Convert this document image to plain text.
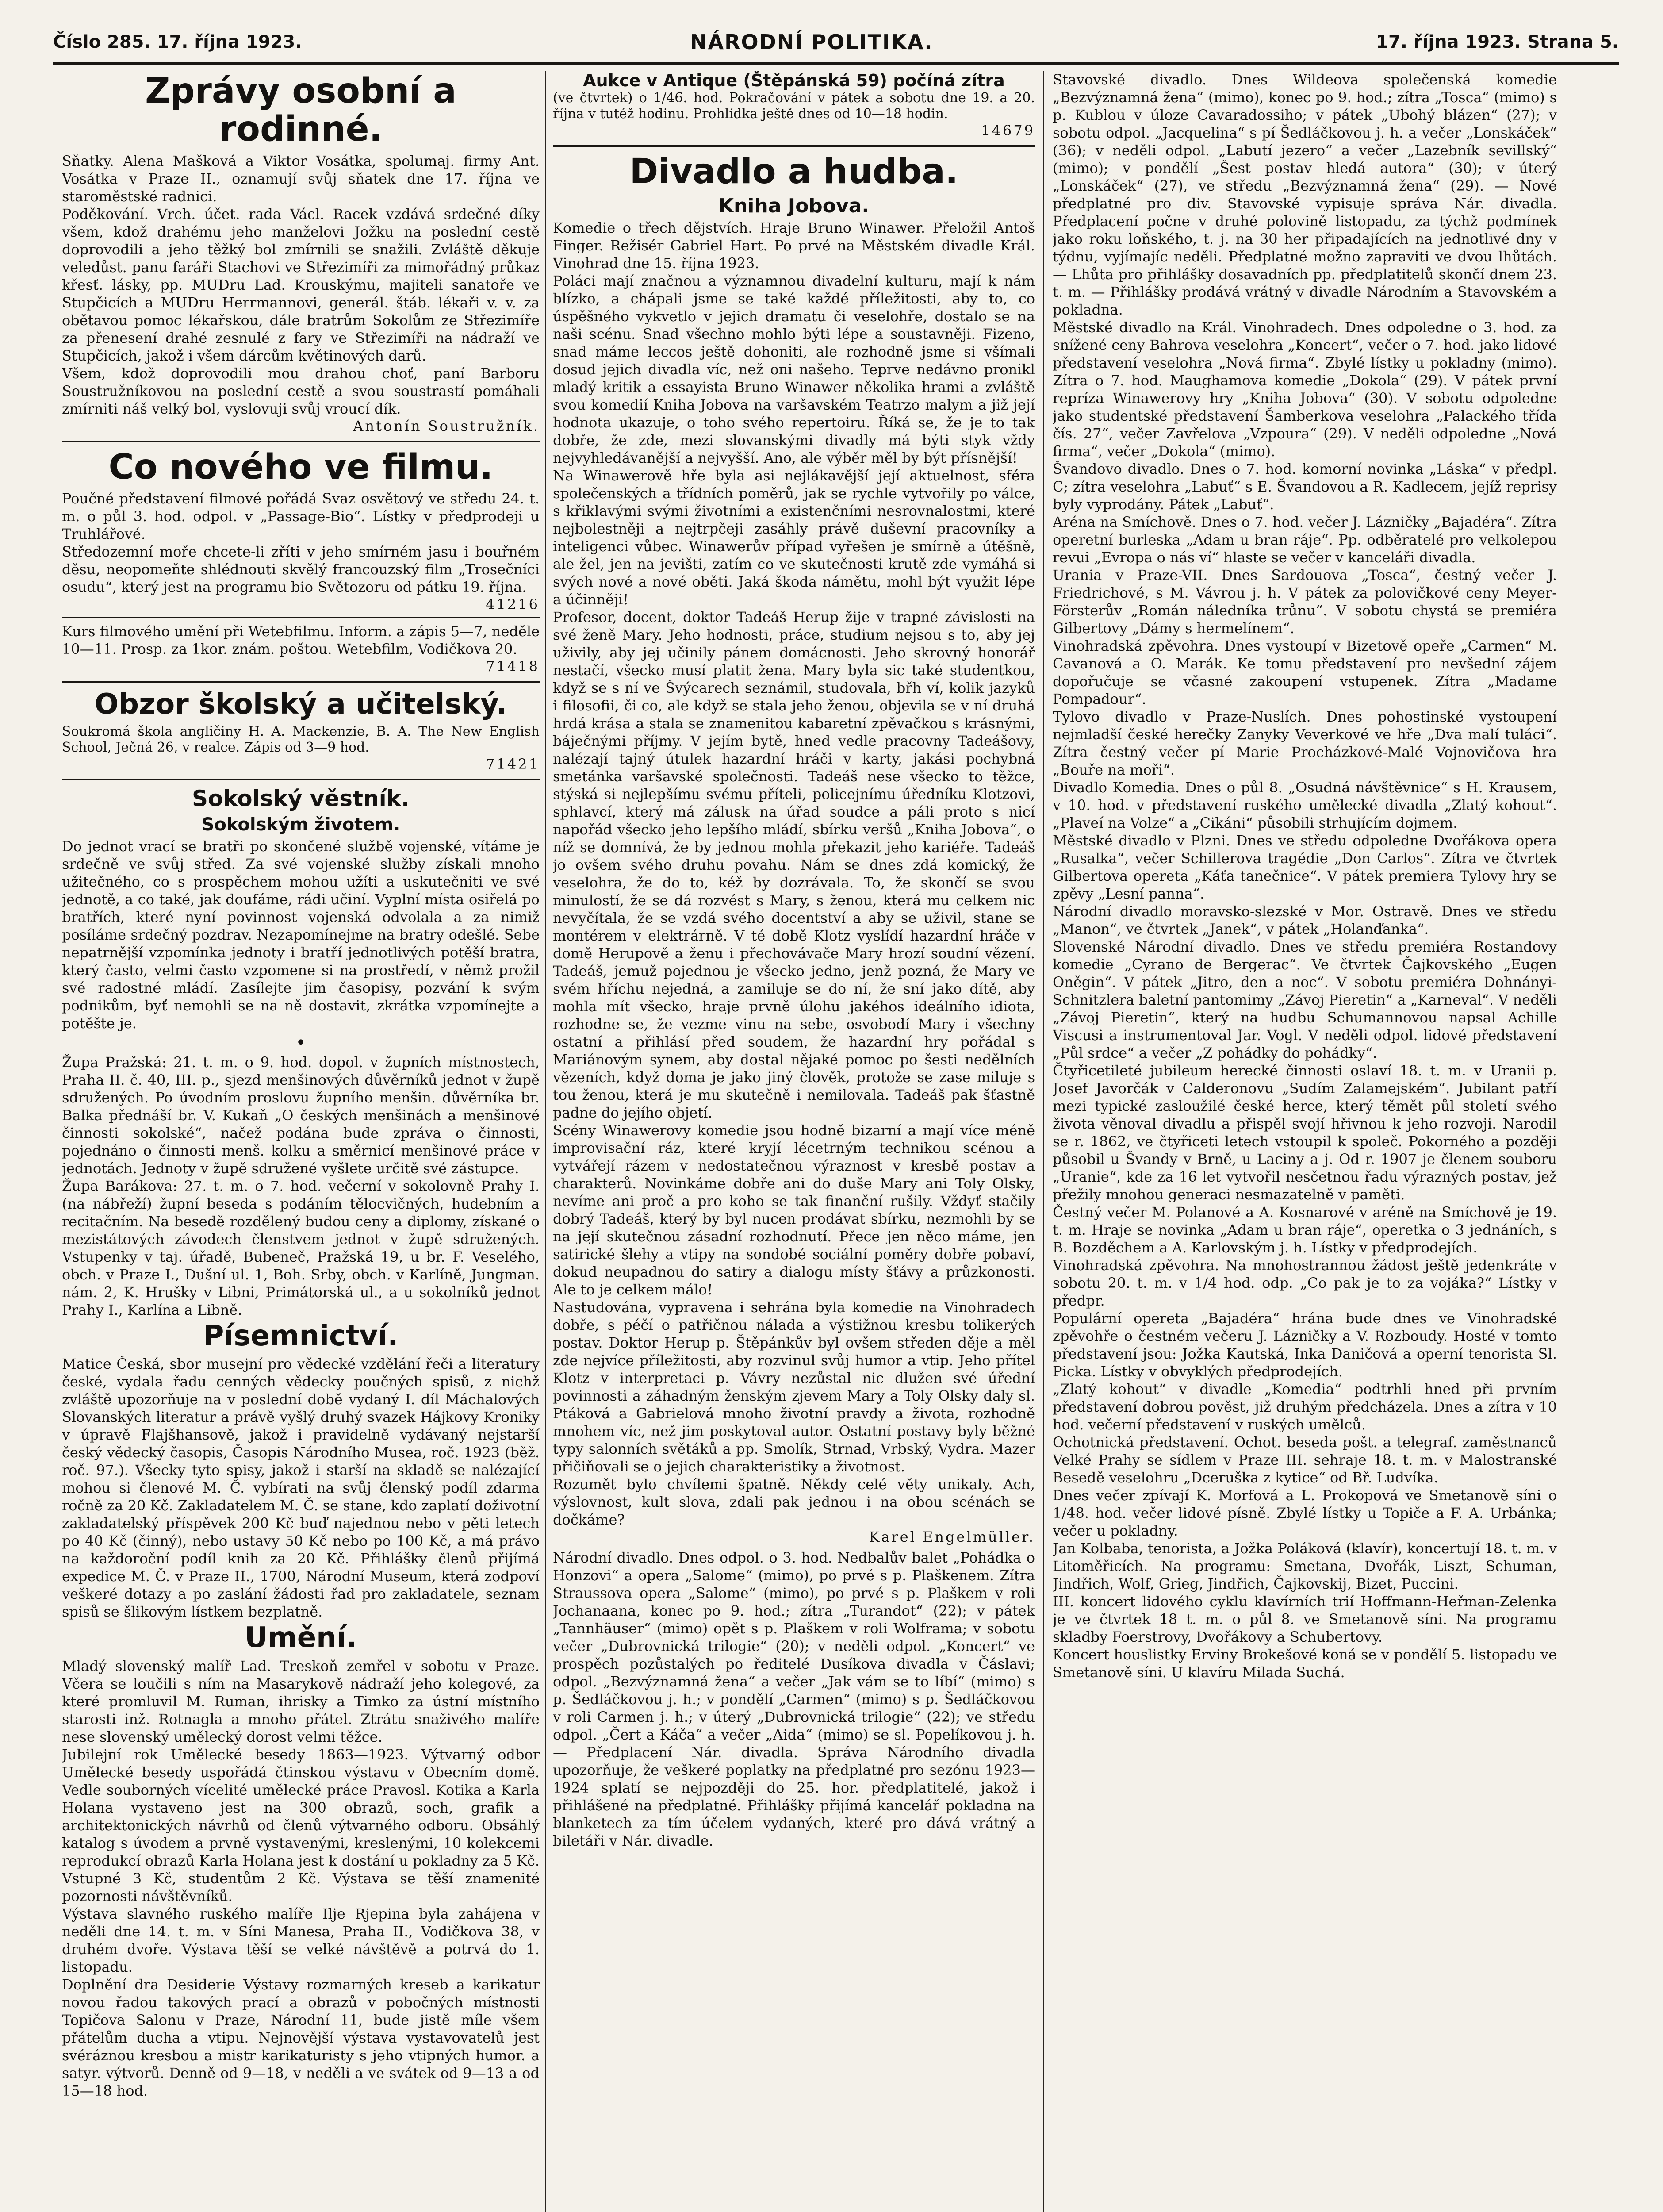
Číslo 285. 17. října 1923.	NÁRODNÍ POLITIKA.	17. října 1923. Strana 5.
Zprávy osobní a rodinné.

Sňatky. Alena Mašková a Viktor Vosátka, spolumaj. firmy Ant. Vosátka v Praze II., oznamují svůj sňatek dne 17. října ve staroměstské radnici.

Poděkování. Vrch. účet. rada Václ. Racek vzdává srdečné díky všem, kdož drahému jeho manželovi Jožku na poslední cestě doprovodili a jeho těžký bol zmírnili se snažili. Zvláště děkuje veledůst. panu faráři Stachovi ve Střezimíři za mimořádný průkaz křesť. lásky, pp. MUDru Lad. Krouskýmu, majiteli sanatoře ve Stupčicích a MUDru Herrmannovi, generál. štáb. lékaři v. v. za obětavou pomoc lékařskou, dále bratrům Sokolům ze Střezimíře za přenesení drahé zesnulé z fary ve Střezimíři na nádraží ve Stupčicích, jakož i všem dárcům květinových darů.

Všem, kdož doprovodili mou drahou choť, paní Barboru Soustružníkovou na poslední cestě a svou soustrastí pomáhali zmírniti náš velký bol, vyslovuji svůj vroucí dík.

Antonín Soustružník.

Co nového ve filmu.

Poučné představení filmové pořádá Svaz osvětový ve středu 24. t. m. o půl 3. hod. odpol. v „Passage-Bio“. Lístky v předprodeji u Truhlářové.

Středozemní moře chcete-li zříti v jeho smírném jasu i bouřném děsu, neopomeňte shlédnouti skvělý francouzský film „Trosečníci osudu“, který jest na programu bio Světozoru od pátku 19. října.

41216

Kurs filmového umění při Wetebfilmu. Inform. a zápis 5—7, neděle 10—11. Prosp. za 1kor. znám. poštou. Wetebfilm, Vodičkova 20.

71418

Obzor školský a učitelský.

Soukromá škola angličiny H. A. Mackenzie, B. A. The New English School, Ječná 26, v realce. Zápis od 3—9 hod.

71421

Sokolský věstník.
Sokolským životem.

Do jednot vrací se bratři po skončené službě vojenské, vítáme je srdečně ve svůj střed. Za své vojenské služby získali mnoho užitečného, co s prospěchem mohou užíti a uskutečniti ve své jednotě, a co také, jak doufáme, rádi učiní. Vyplní místa osiřelá po bratřích, které nyní povinnost vojenská odvolala a za nimiž posíláme srdečný pozdrav. Nezapomínejme na bratry odešlé. Sebe nepatrnější vzpomínka jednoty i bratří jednotlivých potěší bratra, který často, velmi často vzpomene si na prostředí, v němž prožil své radostné mládí. Zasílejte jim časopisy, pozvání k svým podnikům, byť nemohli se na ně dostavit, zkrátka vzpomínejte a potěšte je.

•

Župa Pražská: 21. t. m. o 9. hod. dopol. v župních místnostech, Praha II. č. 40, III. p., sjezd menšinových důvěrníků jednot v župě sdružených. Po úvodním proslovu župního menšin. důvěrníka br. Balka přednáší br. V. Kukaň „O českých menšinách a menšinové činnosti sokolské“, načež podána bude zpráva o činnosti, pojednáno o činnosti menš. kolku a směrnicí menšinové práce v jednotách. Jednoty v župě sdružené vyšlete určitě své zástupce.

Župa Barákova: 27. t. m. o 7. hod. večerní v sokolovně Prahy I. (na nábřeží) župní beseda s podáním tělocvičných, hudebním a recitačním. Na besedě rozdělený budou ceny a diplomy, získané o mezistátových závodech členstvem jednot v župě sdružených. Vstupenky v taj. úřadě, Bubeneč, Pražská 19, u br. F. Veselého, obch. v Praze I., Dušní ul. 1, Boh. Srby, obch. v Karlíně, Jungman. nám. 2, K. Hrušky v Libni, Primátorská ul., a u sokolníků jednot Prahy I., Karlína a Libně.

Písemnictví.

Matice Česká, sbor musejní pro vědecké vzdělání řeči a literatury české, vydala řadu cenných vědecky poučných spisů, z nichž zvláště upozorňuje na v poslední době vydaný I. díl Máchalových Slovanských literatur a právě vyšlý druhý svazek Hájkovy Kroniky v úpravě Flajšhansově, jakož i pravidelně vydávaný nejstarší český vědecký časopis, Časopis Národního Musea, roč. 1923 (běž. roč. 97.). Všecky tyto spisy, jakož i starší na skladě se nalézající mohou si členové M. Č. vybírati na svůj členský podíl zdarma ročně za 20 Kč. Zakladatelem M. Č. se stane, kdo zaplatí doživotní zakladatelský příspěvek 200 Kč buď najednou nebo v pěti letech po 40 Kč (činný), nebo ustavy 50 Kč nebo po 100 Kč, a má právo na každoroční podíl knih za 20 Kč. Přihlášky členů přijímá expedice M. Č. v Praze II., 1700, Národní Museum, která zodpoví veškeré dotazy a po zaslání žádosti řad pro zakladatele, seznam spisů se šlikovým lístkem bezplatně.

Umění.

Mladý slovenský malíř Lad. Treskoň zemřel v sobotu v Praze. Včera se loučili s ním na Masarykově nádraží jeho kolegové, za které promluvil M. Ruman, ihrisky a Timko za ústní místního starosti inž. Rotnagla a mnoho přátel. Ztrátu snaživého malíře nese slovenský umělecký dorost velmi těžce.

Jubilejní rok Umělecké besedy 1863—1923. Výtvarný odbor Umělecké besedy uspořádá čtinskou výstavu v Obecním domě. Vedle souborných vícelité umělecké práce Pravosl. Kotika a Karla Holana vystaveno jest na 300 obrazů, soch, grafik a architektonických návrhů od členů výtvarného odboru. Obsáhlý katalog s úvodem a prvně vystavenými, kreslenými, 10 kolekcemi reprodukcí obrazů Karla Holana jest k dostání u pokladny za 5 Kč. Vstupné 3 Kč, studentům 2 Kč. Výstava se těší znamenité pozornosti návštěvníků.

Výstava slavného ruského malíře Ilje Rjepina byla zahájena v neděli dne 14. t. m. v Síni Manesa, Praha II., Vodičkova 38, v druhém dvoře. Výstava těší se velké návštěvě a potrvá do 1. listopadu.

Doplnění dra Desiderie Výstavy rozmarných kreseb a karikatur novou řadou takových prací a obrazů v pobočných místnosti Topičova Salonu v Praze, Národní 11, bude jistě míle všem přátelům ducha a vtipu. Nejnovější výstava vystavovatelů jest svéráznou kresbou a mistr karikaturisty s jeho vtipných humor. a satyr. výtvorů. Denně od 9—18, v neděli a ve svátek od 9—13 a od 15—18 hod.

Aukce v Antique (Štěpánská 59) počíná zítra

(ve čtvrtek) o 1/46. hod. Pokračování v pátek a sobotu dne 19. a 20. října v tutéž hodinu. Prohlídka ještě dnes od 10—18 hodin.

14679

Divadlo a hudba.
Kniha Jobova.

Komedie o třech dějstvích. Hraje Bruno Winawer. Přeložil Antoš Finger. Režisér Gabriel Hart. Po prvé na Městském divadle Král. Vinohrad dne 15. října 1923.

Poláci mají značnou a významnou divadelní kulturu, mají k nám blízko, a chápali jsme se také každé příležitosti, aby to, co úspěšného vykvetlo v jejich dramatu či veselohře, dostalo se na naši scénu. Snad všechno mohlo býti lépe a soustavněji. Fizeno, snad máme leccos ještě dohoniti, ale rozhodně jsme si všímali dosud jejich divadla víc, než oni našeho. Teprve nedávno pronikl mladý kritik a essayista Bruno Winawer několika hrami a zvláště svou komedií Kniha Jobova na varšavském Teatrzo malym a již její hodnota ukazuje, o toho svého repertoiru. Říká se, že je to tak dobře, že zde, mezi slovanskými divadly má býti styk vždy nejvyhledávanější a nejvyšší. Ano, ale výběr měl by být přísnější!

Na Winawerově hře byla asi nejlákavější její aktuelnost, sféra společenských a třídních poměrů, jak se rychle vytvořily po válce, s křiklavými svými životními a existenčními nesrovnalostmi, které nejbolestněji a nejtrpčeji zasáhly právě duševní pracovníky a inteligenci vůbec. Winawerův případ vyřešen je smírně a útěšně, ale žel, jen na jevišti, zatím co ve skutečnosti krutě zde vymáhá si svých nové a nové oběti. Jaká škoda námětu, mohl být využit lépe a účinněji!

Profesor, docent, doktor Tadeáš Herup žije v trapné závislosti na své ženě Mary. Jeho hodnosti, práce, studium nejsou s to, aby jej uživily, aby jej učinily pánem domácnosti. Jeho skrovný honorář nestačí, všecko musí platit žena. Mary byla sic také studentkou, když se s ní ve Švýcarech seznámil, studovala, břh ví, kolik jazyků i filosofii, či co, ale když se stala jeho ženou, objevila se v ní druhá hrdá krása a stala se znamenitou kabaretní zpěvačkou s krásnými, báječnými příjmy. V jejím bytě, hned vedle pracovny Tadeášovy, nalézají tajný útulek hazardní hráči v karty, jakási pochybná smetánka varšavské společnosti. Tadeáš nese všecko to těžce, stýská si nejlepšímu svému příteli, policejnímu úředníku Klotzovi, sphlavcí, který má zálusk na úřad soudce a páli proto s nicí napořád všecko jeho lepšího mládí, sbírku veršů „Kniha Jobova“, o níž se domnívá, že by jednou mohla překazit jeho kariéře. Tadeáš jo ovšem svého druhu povahu. Nám se dnes zdá komický, že veselohra, že do to, kéž by dozrávala. To, že skončí se svou minulostí, že se dá rozvést s Mary, s ženou, která mu celkem nic nevyčítala, že se vzdá svého docentství a aby se uživil, stane se montérem v elektrárně. V té době Klotz vyslídí hazardní hráče v domě Herupově a ženu i přechovávače Mary hrozí soudní vězení. Tadeáš, jemuž pojednou je všecko jedno, jenž pozná, že Mary ve svém hříchu nejedná, a zamiluje se do ní, že sní jako dítě, aby mohla mít všecko, hraje prvně úlohu jakéhos ideálního idiota, rozhodne se, že vezme vinu na sebe, osvobodí Mary i všechny ostatní a přihlásí před soudem, že hazardní hry pořádal s Mariánovým synem, aby dostal nějaké pomoc po šesti nedělních vězeních, když doma je jako jiný člověk, protože se zase miluje s tou ženou, která je mu skutečně i nemilovala. Tadeáš pak šťastně padne do jejího objetí.

Scény Winawerovy komedie jsou hodně bizarní a mají více méně improvisační ráz, které kryjí lécetrným technikou scénou a vytvářejí rázem v nedostatečnou výraznost v kresbě postav a charakterů. Novinkáme dobře ani do duše Mary ani Toly Olsky, nevíme ani proč a pro koho se tak finanční rušily. Vždyť stačily dobrý Tadeáš, který by byl nucen prodávat sbírku, nezmohli by se na její skutečnou zásadní rozhodnutí. Přece jen něco máme, jen satirické šlehy a vtipy na sondobé sociální poměry dobře pobaví, dokud neupadnou do satiry a dialogu místy šťávy a průzkonosti. Ale to je celkem málo!

Nastudována, vypravena i sehrána byla komedie na Vinohradech dobře, s péčí o patřičnou nálada a výstižnou kresbu tolikerých postav. Doktor Herup p. Štěpánkův byl ovšem středen děje a měl zde nejvíce příležitosti, aby rozvinul svůj humor a vtip. Jeho přítel Klotz v interpretaci p. Vávry nezůstal nic dlužen své úřední povinnosti a záhadným ženským zjevem Mary a Toly Olsky daly sl. Ptáková a Gabrielová mnoho životní pravdy a života, rozhodně mnohem víc, než jim poskytoval autor. Ostatní postavy byly běžné typy salonních světáků a pp. Smolík, Strnad, Vrbský, Vydra. Mazer přičiňovali se o jejich charakteristiky a životnost.

Rozumět bylo chvílemi špatně. Někdy celé věty unikaly. Ach, výslovnost, kult slova, zdali pak jednou i na obou scénách se dočkáme?

Karel Engelmüller.

Národní divadlo. Dnes odpol. o 3. hod. Nedbalův balet „Pohádka o Honzovi“ a opera „Salome“ (mimo), po prvé s p. Plaškenem. Zítra Straussova opera „Salome“ (mimo), po prvé s p. Plaškem v roli Jochanaana, konec po 9. hod.; zítra „Turandot“ (22); v pátek „Tannhäuser“ (mimo) opět s p. Plaškem v roli Wolframa; v sobotu večer „Dubrovnická trilogie“ (20); v neděli odpol. „Koncert“ ve prospěch pozůstalých po ředitelé Dusíkova divadla v Čáslavi; odpol. „Bezvýznamná žena“ a večer „Jak vám se to líbí“ (mimo) s p. Šedláčkovou j. h.; v pondělí „Carmen“ (mimo) s p. Šedláčkovou v roli Carmen j. h.; v úterý „Dubrovnická trilogie“ (22); ve středu odpol. „Čert a Káča“ a večer „Aida“ (mimo) se sl. Popelíkovou j. h. — Předplacení Nár. divadla. Správa Národního divadla upozorňuje, že veškeré poplatky na předplatné pro sezónu 1923—1924 splatí se nejpozději do 25. hor. předplatitelé, jakož i přihlášené na předplatné. Přihlášky přijímá kancelář pokladna na blanketech za tím účelem vydaných, které pro dává vrátný a biletáři v Nár. divadle.

Stavovské divadlo. Dnes Wildeova společenská komedie „Bezvýznamná žena“ (mimo), konec po 9. hod.; zítra „Tosca“ (mimo) s p. Kublou v úloze Cavaradossiho; v pátek „Ubohý blázen“ (27); v sobotu odpol. „Jacquelina“ s pí Šedláčkovou j. h. a večer „Lonskáček“ (36); v neděli odpol. „Labutí jezero“ a večer „Lazebník sevillský“ (mimo); v pondělí „Šest postav hledá autora“ (30); v úterý „Lonskáček“ (27), ve středu „Bezvýznamná žena“ (29). — Nové předplatné pro div. Stavovské vypisuje správa Nár. divadla. Předplacení počne v druhé polovině listopadu, za týchž podmínek jako roku loňského, t. j. na 30 her připadajících na jednotlivé dny v týdnu, vyjímajíc neděli. Předplatné možno zapraviti ve dvou lhůtách. — Lhůta pro přihlášky dosavadních pp. předplatitelů skončí dnem 23. t. m. — Přihlášky prodává vrátný v divadle Národním a Stavovském a pokladna.

Městské divadlo na Král. Vinohradech. Dnes odpoledne o 3. hod. za snížené ceny Bahrova veselohra „Koncert“, večer o 7. hod. jako lidové představení veselohra „Nová firma“. Zbylé lístky u pokladny (mimo). Zítra o 7. hod. Maughamova komedie „Dokola“ (29). V pátek první repríza Winawerovy hry „Kniha Jobova“ (30). V sobotu odpoledne jako studentské představení Šamberkova veselohra „Palackého třída čís. 27“, večer Zavřelova „Vzpoura“ (29). V neděli odpoledne „Nová firma“, večer „Dokola“ (mimo).

Švandovo divadlo. Dnes o 7. hod. komorní novinka „Láska“ v předpl. C; zítra veselohra „Labuť“ s E. Švandovou a R. Kadlecem, jejíž reprisy byly vyprodány. Pátek „Labuť“.

Aréna na Smíchově. Dnes o 7. hod. večer J. Lázničky „Bajadéra“. Zítra operetní burleska „Adam u bran ráje“. Pp. odběratelé pro velkolepou revui „Evropa o nás ví“ hlaste se večer v kanceláři divadla.

Urania v Praze-VII. Dnes Sardouova „Tosca“, čestný večer J. Friedrichové, s M. Vávrou j. h. V pátek za polovičkové ceny Meyer-Försterův „Román náledníka trůnu“. V sobotu chystá se premiéra Gilbertovy „Dámy s hermelínem“.

Vinohradská zpěvohra. Dnes vystoupí v Bizetově opeře „Carmen“ M. Cavanová a O. Marák. Ke tomu představení pro nevšední zájem dopořučuje se včasné zakoupení vstupenek. Zítra „Madame Pompadour“.

Tylovo divadlo v Praze-Nuslích. Dnes pohostinské vystoupení nejmladší české herečky Zanyky Veverkové ve hře „Dva malí tuláci“. Zítra čestný večer pí Marie Procházkové-Malé Vojnovičova hra „Bouře na moři“.

Divadlo Komedia. Dnes o půl 8. „Osudná návštěvnice“ s H. Krausem, v 10. hod. v představení ruského umělecké divadla „Zlatý kohout“. „Plaveí na Volze“ a „Cikáni“ působili strhujícím dojmem.

Městské divadlo v Plzni. Dnes ve středu odpoledne Dvořákova opera „Rusalka“, večer Schillerova tragédie „Don Carlos“. Zítra ve čtvrtek Gilbertova opereta „Káťa tanečnice“. V pátek premiera Tylovy hry se zpěvy „Lesní panna“.

Národní divadlo moravsko-slezské v Mor. Ostravě. Dnes ve středu „Manon“, ve čtvrtek „Janek“, v pátek „Holanďanka“.

Slovenské Národní divadlo. Dnes ve středu premiéra Rostandovy komedie „Cyrano de Bergerac“. Ve čtvrtek Čajkovského „Eugen Oněgin“. V pátek „Jitro, den a noc“. V sobotu premiéra Dohnányi-Schnitzlera baletní pantomimy „Závoj Pieretin“ a „Karneval“. V neděli „Závoj Pieretin“, který na hudbu Schumannovou napsal Achille Viscusi a instrumentoval Jar. Vogl. V neděli odpol. lidové představení „Půl srdce“ a večer „Z pohádky do pohádky“.

Čtyřicetileté jubileum herecké činnosti oslaví 18. t. m. v Uranii p. Josef Javorčák v Calderonovu „Sudím Zalamejském“. Jubilant patří mezi typické zasloužilé české herce, který těmět půl století svého života věnoval divadlu a přispěl svojí hřivnou k jeho rozvoji. Narodil se r. 1862, ve čtyřiceti letech vstoupil k společ. Pokorného a později působil u Švandy v Brně, u Laciny a j. Od r. 1907 je členem souboru „Uranie“, kde za 16 let vytvořil nesčetnou řadu výrazných postav, jež přežily mnohou generaci nesmazatelně v paměti.

Čestný večer M. Polanové a A. Kosnarové v aréně na Smíchově je 19. t. m. Hraje se novinka „Adam u bran ráje“, operetka o 3 jednáních, s B. Bozděchem a A. Karlovským j. h. Lístky v předprodejích.

Vinohradská zpěvohra. Na mnohostrannou žádost ještě jedenkráte v sobotu 20. t. m. v 1/4 hod. odp. „Co pak je to za vojáka?“ Lístky v předpr.

Populární opereta „Bajadéra“ hrána bude dnes ve Vinohradské zpěvohře o čestném večeru J. Lázničky a V. Rozboudy. Hosté v tomto představení jsou: Jožka Kautská, Inka Daničová a operní tenorista Sl. Picka. Lístky v obvyklých předprodejích.

„Zlatý kohout“ v divadle „Komedia“ podtrhli hned při prvním představení dobrou pověst, již druhým předcházela. Dnes a zítra v 10 hod. večerní představení v ruských umělců.

Ochotnická představení. Ochot. beseda pošt. a telegraf. zaměstnanců Velké Prahy se sídlem v Praze III. sehraje 18. t. m. v Malostranské Besedě veselohru „Dceruška z kytice“ od Bř. Ludvíka.

Dnes večer zpívají K. Morfová a L. Prokopová ve Smetanově síni o 1/48. hod. večer lidové písně. Zbylé lístky u Topiče a F. A. Urbánka; večer u pokladny.

Jan Kolbaba, tenorista, a Jožka Poláková (klavír), koncertují 18. t. m. v Litoměřicích. Na programu: Smetana, Dvořák, Liszt, Schuman, Jindřich, Wolf, Grieg, Jindřich, Čajkovskij, Bizet, Puccini.

III. koncert lidového cyklu klavírních trií Hoffmann-Heřman-Zelenka je ve čtvrtek 18 t. m. o půl 8. ve Smetanově síni. Na programu skladby Foerstrovy, Dvořákovy a Schubertovy.

Koncert houslistky Erviny Brokešové koná se v pondělí 5. listopadu ve Smetanově síni. U klavíru Milada Suchá.
